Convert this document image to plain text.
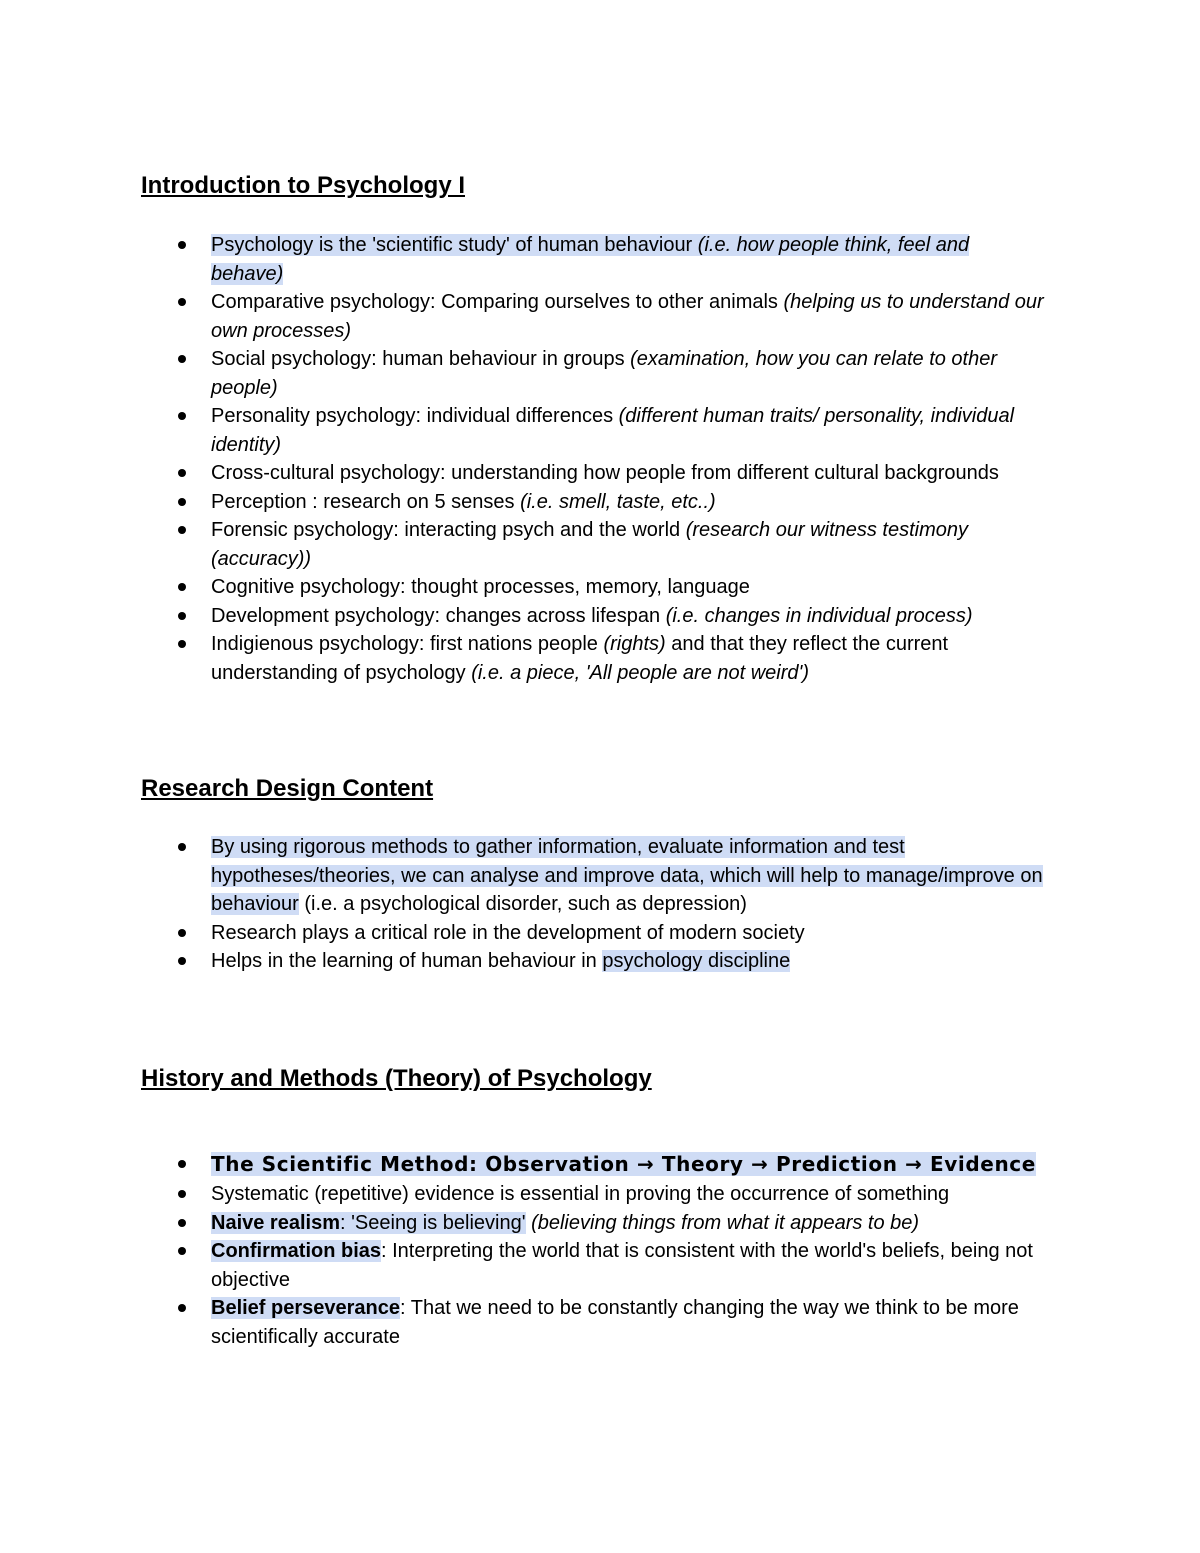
Introduction to Psychology I
Psychology is the 'scientific study' of human behaviour (i.e. how people think, feel and behave)
Comparative psychology: Comparing ourselves to other animals (helping us to understand our own processes)
Social psychology: human behaviour in groups (examination, how you can relate to other people)
Personality psychology: individual differences (different human traits/ personality, individual identity)
Cross-cultural psychology: understanding how people from different cultural backgrounds
Perception : research on 5 senses (i.e. smell, taste, etc..)
Forensic psychology: interacting psych and the world (research our witness testimony (accuracy))
Cognitive psychology: thought processes, memory, language
Development psychology: changes across lifespan (i.e. changes in individual process)
Indigienous psychology: first nations people (rights) and that they reflect the current understanding of psychology (i.e. a piece, 'All people are not weird')
Research Design Content
By using rigorous methods to gather information, evaluate information and test hypotheses/theories, we can analyse and improve data, which will help to manage/improve on behaviour (i.e. a psychological disorder, such as depression)
Research plays a critical role in the development of modern society
Helps in the learning of human behaviour in psychology discipline
History and Methods (Theory) of Psychology
The Scientific Method: Observation → Theory → Prediction → Evidence
Systematic (repetitive) evidence is essential in proving the occurrence of something
Naive realism: 'Seeing is believing' (believing things from what it appears to be)
Confirmation bias: Interpreting the world that is consistent with the world's beliefs, being not objective
Belief perseverance: That we need to be constantly changing the way we think to be more scientifically accurate
